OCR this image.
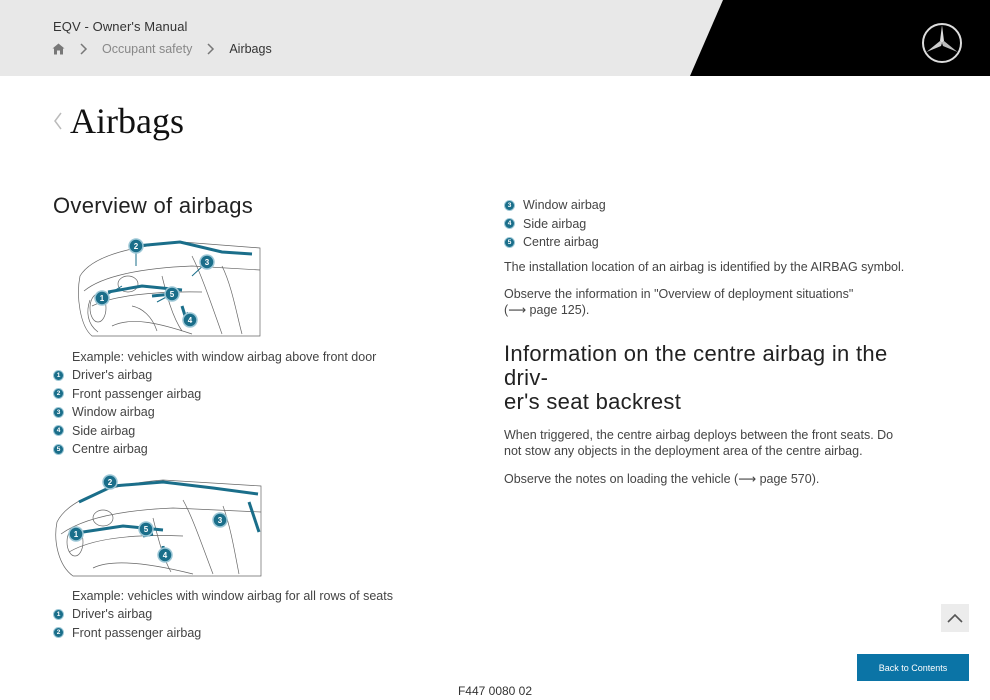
EQV - Owner's Manual
Occupant safety	Airbags
Airbags
Overview of airbags
2
3
1	5
4
Example: vehicles with window airbag above front door
1 Driver's airbag
2 Front passenger airbag
3 Window airbag
4 Side airbag
5 Centre airbag
2
3
1
5
4
Example: vehicles with window airbag for all rows of seats
1 Driver's airbag
2 Front passenger airbag
3 Window airbag
4 Side airbag
5 Centre airbag

The installation location of an airbag is identified by the AIRBAG symbol.

Observe the information in "Overview of deployment situations"
(⟶ page 125).

Information on the centre airbag in the driv-
er's seat backrest

When triggered, the centre airbag deploys between the front seats. Do not stow any objects in the deployment area of the centre airbag.

Observe the notes on loading the vehicle (⟶ page 570).

Back to Contents
F447 0080 02
